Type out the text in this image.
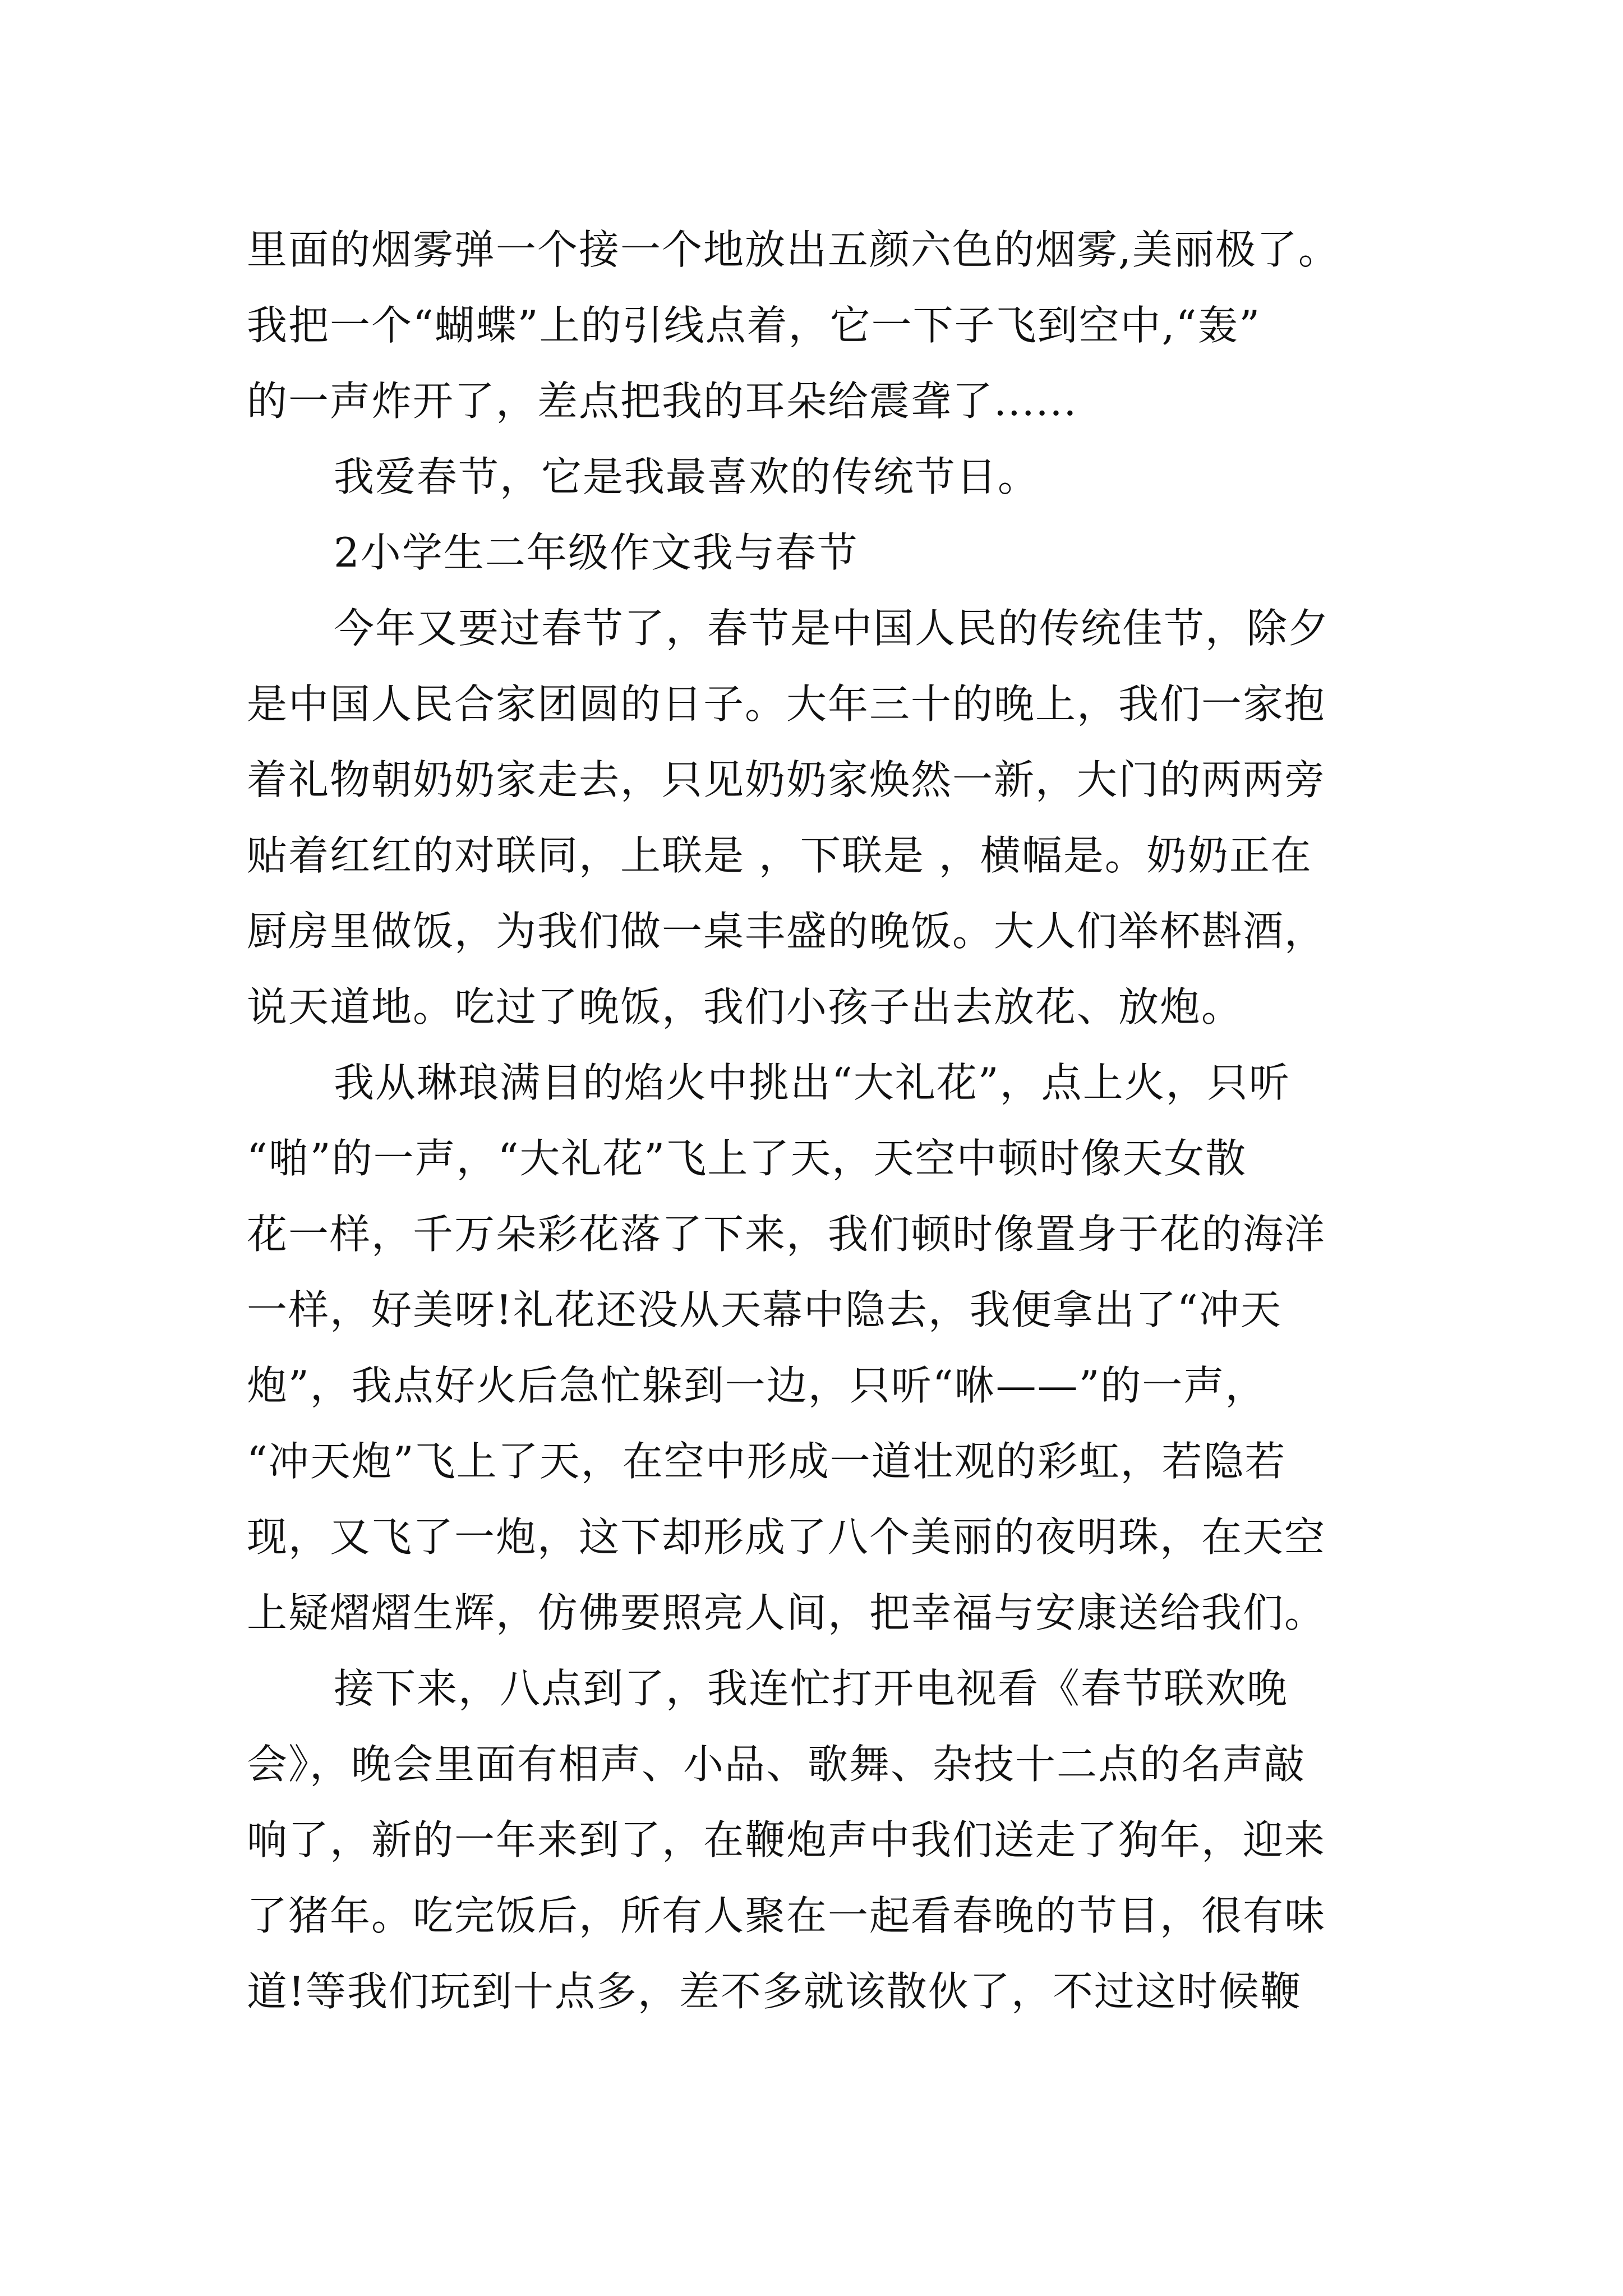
里面的烟雾弹一个接一个地放出五颜六色的烟雾,美丽极了。
我把一个“蝴蝶”上的引线点着，它一下子飞到空中,“轰”
的一声炸开了，差点把我的耳朵给震聋了......
我爱春节，它是我最喜欢的传统节日。
2小学生二年级作文我与春节
今年又要过春节了，春节是中国人民的传统佳节，除夕
是中国人民合家团圆的日子。大年三十的晚上，我们一家抱
着礼物朝奶奶家走去，只见奶奶家焕然一新，大门的两两旁
贴着红红的对联同，上联是 ，下联是 ，横幅是。奶奶正在
厨房里做饭，为我们做一桌丰盛的晚饭。大人们举杯斟酒，
说天道地。吃过了晚饭，我们小孩子出去放花、放炮。
我从琳琅满目的焰火中挑出“大礼花”，点上火，只听
“啪”的一声，“大礼花”飞上了天，天空中顿时像天女散
花一样，千万朵彩花落了下来，我们顿时像置身于花的海洋
一样，好美呀!礼花还没从天幕中隐去，我便拿出了“冲天
炮”，我点好火后急忙躲到一边，只听“咻——”的一声，
“冲天炮”飞上了天，在空中形成一道壮观的彩虹，若隐若
现，又飞了一炮，这下却形成了八个美丽的夜明珠，在天空
上疑熠熠生辉，仿佛要照亮人间，把幸福与安康送给我们。
接下来，八点到了，我连忙打开电视看《春节联欢晚
会》，晚会里面有相声、小品、歌舞、杂技十二点的名声敲
响了，新的一年来到了，在鞭炮声中我们送走了狗年，迎来
了猪年。吃完饭后，所有人聚在一起看春晚的节目，很有味
道!等我们玩到十点多，差不多就该散伙了，不过这时候鞭
